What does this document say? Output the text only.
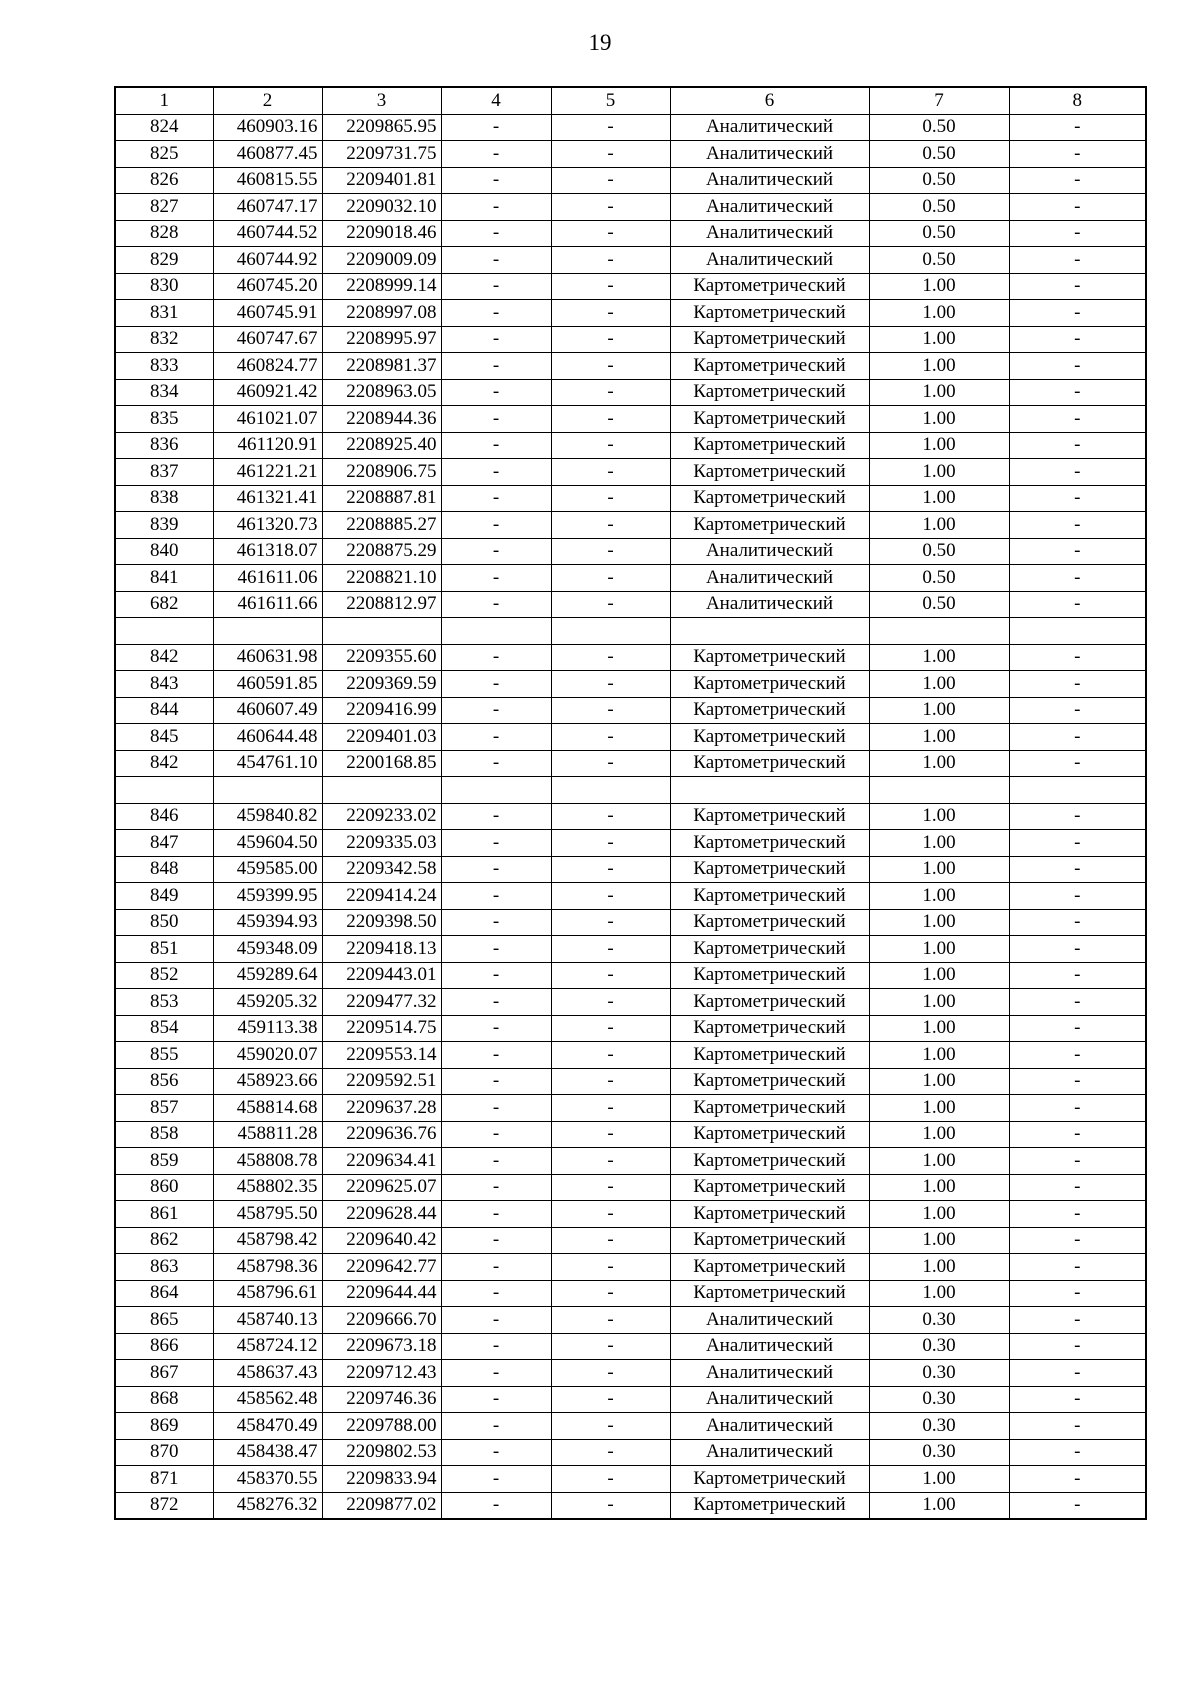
19
1	2	3	4	5	6	7	8
824	460903.16	2209865.95	-	-	Аналитический	0.50	-
825	460877.45	2209731.75	-	-	Аналитический	0.50	-
826	460815.55	2209401.81	-	-	Аналитический	0.50	-
827	460747.17	2209032.10	-	-	Аналитический	0.50	-
828	460744.52	2209018.46	-	-	Аналитический	0.50	-
829	460744.92	2209009.09	-	-	Аналитический	0.50	-
830	460745.20	2208999.14	-	-	Картометрический	1.00	-
831	460745.91	2208997.08	-	-	Картометрический	1.00	-
832	460747.67	2208995.97	-	-	Картометрический	1.00	-
833	460824.77	2208981.37	-	-	Картометрический	1.00	-
834	460921.42	2208963.05	-	-	Картометрический	1.00	-
835	461021.07	2208944.36	-	-	Картометрический	1.00	-
836	461120.91	2208925.40	-	-	Картометрический	1.00	-
837	461221.21	2208906.75	-	-	Картометрический	1.00	-
838	461321.41	2208887.81	-	-	Картометрический	1.00	-
839	461320.73	2208885.27	-	-	Картометрический	1.00	-
840	461318.07	2208875.29	-	-	Аналитический	0.50	-
841	461611.06	2208821.10	-	-	Аналитический	0.50	-
682	461611.66	2208812.97	-	-	Аналитический	0.50	-

842	460631.98	2209355.60	-	-	Картометрический	1.00	-
843	460591.85	2209369.59	-	-	Картометрический	1.00	-
844	460607.49	2209416.99	-	-	Картометрический	1.00	-
845	460644.48	2209401.03	-	-	Картометрический	1.00	-
842	454761.10	2200168.85	-	-	Картометрический	1.00	-

846	459840.82	2209233.02	-	-	Картометрический	1.00	-
847	459604.50	2209335.03	-	-	Картометрический	1.00	-
848	459585.00	2209342.58	-	-	Картометрический	1.00	-
849	459399.95	2209414.24	-	-	Картометрический	1.00	-
850	459394.93	2209398.50	-	-	Картометрический	1.00	-
851	459348.09	2209418.13	-	-	Картометрический	1.00	-
852	459289.64	2209443.01	-	-	Картометрический	1.00	-
853	459205.32	2209477.32	-	-	Картометрический	1.00	-
854	459113.38	2209514.75	-	-	Картометрический	1.00	-
855	459020.07	2209553.14	-	-	Картометрический	1.00	-
856	458923.66	2209592.51	-	-	Картометрический	1.00	-
857	458814.68	2209637.28	-	-	Картометрический	1.00	-
858	458811.28	2209636.76	-	-	Картометрический	1.00	-
859	458808.78	2209634.41	-	-	Картометрический	1.00	-
860	458802.35	2209625.07	-	-	Картометрический	1.00	-
861	458795.50	2209628.44	-	-	Картометрический	1.00	-
862	458798.42	2209640.42	-	-	Картометрический	1.00	-
863	458798.36	2209642.77	-	-	Картометрический	1.00	-
864	458796.61	2209644.44	-	-	Картометрический	1.00	-
865	458740.13	2209666.70	-	-	Аналитический	0.30	-
866	458724.12	2209673.18	-	-	Аналитический	0.30	-
867	458637.43	2209712.43	-	-	Аналитический	0.30	-
868	458562.48	2209746.36	-	-	Аналитический	0.30	-
869	458470.49	2209788.00	-	-	Аналитический	0.30	-
870	458438.47	2209802.53	-	-	Аналитический	0.30	-
871	458370.55	2209833.94	-	-	Картометрический	1.00	-
872	458276.32	2209877.02	-	-	Картометрический	1.00	-
